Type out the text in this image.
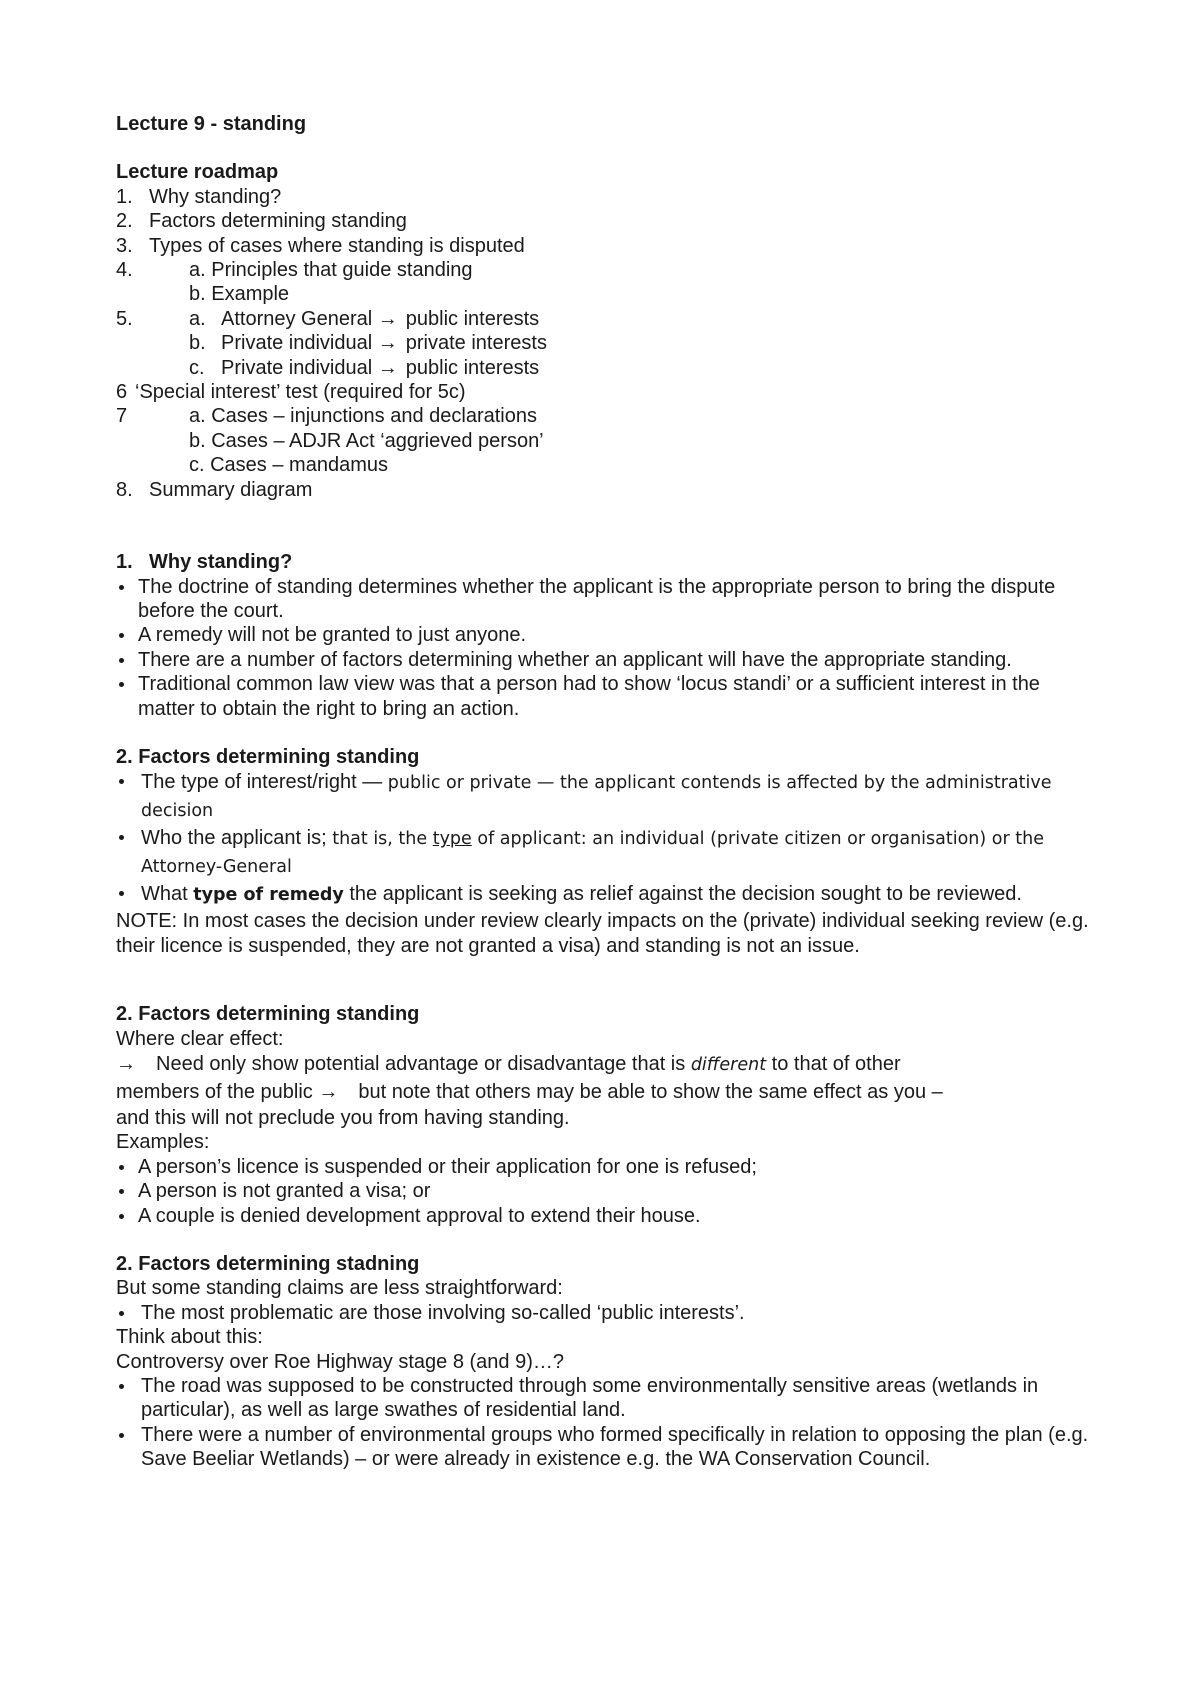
Lecture 9 - standing
Lecture roadmap
1. Why standing?
2. Factors determining standing
3. Types of cases where standing is disputed
4.	a. Principles that guide standing
b. Example
5.	a. Attorney General
→ public interests
b. Private individual
→ private interests
c. Private individual
→ public interests
6 ‘Special interest’ test (required for 5c)
7	a. Cases – injunctions and declarations
b. Cases – ADJR Act ‘aggrieved person’
c. Cases – mandamus
8. Summary diagram
1. Why standing?
The doctrine of standing determines whether the applicant is the appropriate person to bring the dispute before the court.
A remedy will not be granted to just anyone.
There are a number of factors determining whether an applicant will have the appropriate standing.
Traditional common law view was that a person had to show ‘locus standi’ or a sufficient interest in the matter to obtain the right to bring an action.
2. Factors determining standing
The type of interest/right — public or private — the applicant contends is affected by the administrative decision
Who the applicant is; that is, the type of applicant: an individual (private citizen or organisation) or the Attorney-General
What type of remedy the applicant is seeking as relief against the decision sought to be reviewed.
NOTE: In most cases the decision under review clearly impacts on the (private) individual seeking review (e.g. their licence is suspended, they are not granted a visa) and standing is not an issue.
2. Factors determining standing
Where clear effect:
→ Need only show potential advantage or disadvantage that is different to that of other
members of the public → but note that others may be able to show the same effect as you –
and this will not preclude you from having standing.
Examples:
A person’s licence is suspended or their application for one is refused;
A person is not granted a visa; or
A couple is denied development approval to extend their house.
2. Factors determining stadning
But some standing claims are less straightforward:
The most problematic are those involving so-called ‘public interests’.
Think about this:
Controversy over Roe Highway stage 8 (and 9)…?
The road was supposed to be constructed through some environmentally sensitive areas (wetlands in particular), as well as large swathes of residential land.
There were a number of environmental groups who formed specifically in relation to opposing the plan (e.g. Save Beeliar Wetlands) – or were already in existence e.g. the WA Conservation Council.
